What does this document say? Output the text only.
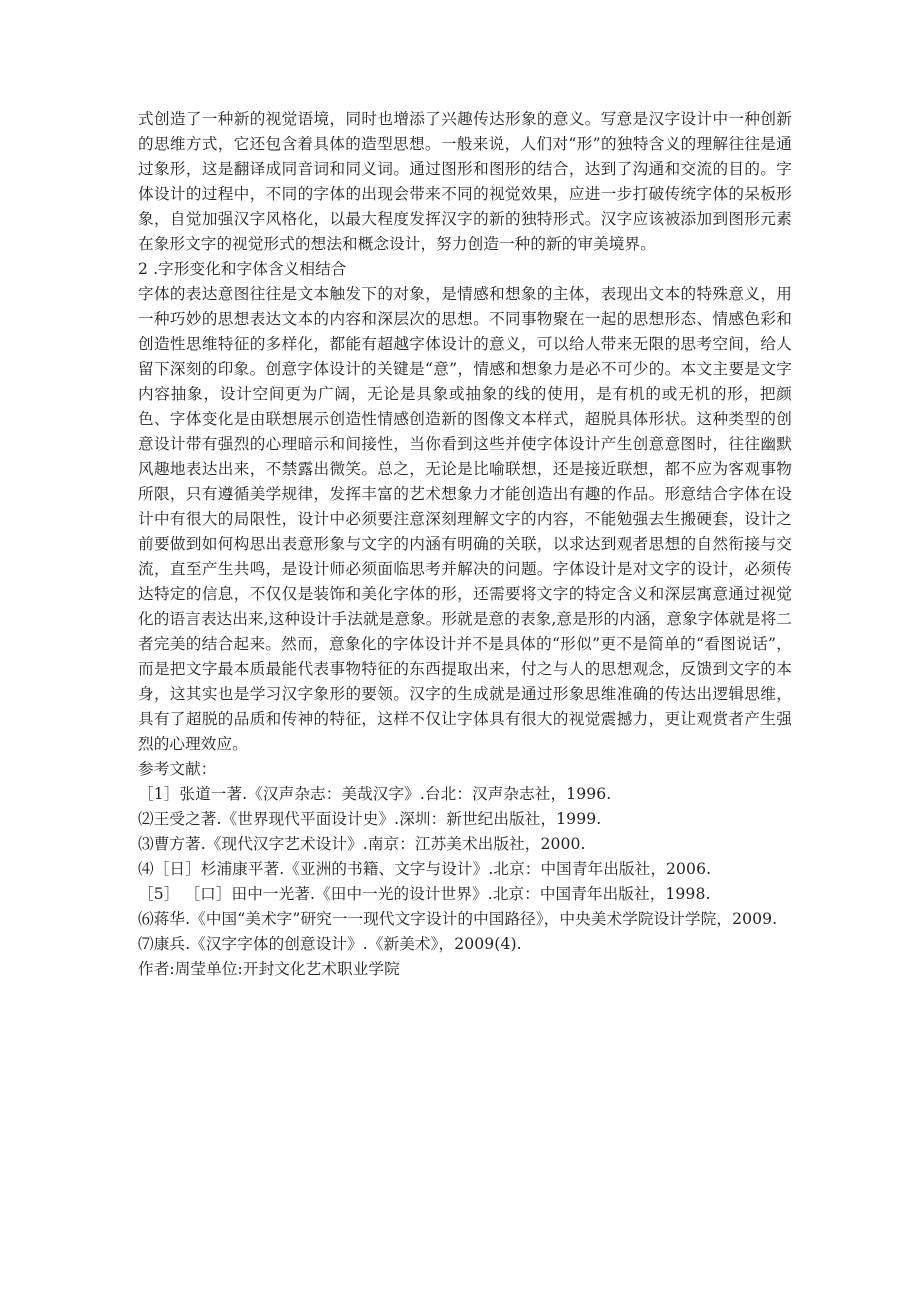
式创造了一种新的视觉语境，同时也增添了兴趣传达形象的意义。写意是汉字设计中一种创新的思维方式，它还包含着具体的造型思想。一般来说，人们对“形”的独特含义的理解往往是通过象形，这是翻译成同音词和同义词。通过图形和图形的结合，达到了沟通和交流的目的。字体设计的过程中，不同的字体的出现会带来不同的视觉效果，应进一步打破传统字体的呆板形象，自觉加强汉字风格化，以最大程度发挥汉字的新的独特形式。汉字应该被添加到图形元素在象形文字的视觉形式的想法和概念设计，努力创造一种的新的审美境界。

2 .字形变化和字体含义相结合

字体的表达意图往往是文本触发下的对象，是情感和想象的主体，表现出文本的特殊意义，用一种巧妙的思想表达文本的内容和深层次的思想。不同事物聚在一起的思想形态、情感色彩和创造性思维特征的多样化，都能有超越字体设计的意义，可以给人带来无限的思考空间，给人留下深刻的印象。创意字体设计的关键是“意”，情感和想象力是必不可少的。本文主要是文字内容抽象，设计空间更为广阔，无论是具象或抽象的线的使用，是有机的或无机的形，把颜色、字体变化是由联想展示创造性情感创造新的图像文本样式，超脱具体形状。这种类型的创意设计带有强烈的心理暗示和间接性，当你看到这些并使字体设计产生创意意图时，往往幽默风趣地表达出来，不禁露出微笑。总之，无论是比喻联想，还是接近联想，都不应为客观事物所限，只有遵循美学规律，发挥丰富的艺术想象力才能创造出有趣的作品。形意结合字体在设计中有很大的局限性，设计中必须要注意深刻理解文字的内容，不能勉强去生搬硬套，设计之前要做到如何构思出表意形象与文字的内涵有明确的关联，以求达到观者思想的自然衔接与交流，直至产生共鸣，是设计师必须面临思考并解决的问题。字体设计是对文字的设计，必须传达特定的信息，不仅仅是装饰和美化字体的形，还需要将文字的特定含义和深层寓意通过视觉化的语言表达出来,这种设计手法就是意象。形就是意的表象,意是形的内涵，意象字体就是将二者完美的结合起来。然而，意象化的字体设计并不是具体的“形似”更不是简单的“看图说话”，而是把文字最本质最能代表事物特征的东西提取出来，付之与人的思想观念，反馈到文字的本身，这其实也是学习汉字象形的要领。汉字的生成就是通过形象思维准确的传达出逻辑思维，具有了超脱的品质和传神的特征，这样不仅让字体具有很大的视觉震撼力，更让观赏者产生强烈的心理效应。

参考文献：

［1］张道一著.《汉声杂志：美哉汉字》.台北：汉声杂志社，1996.
⑵王受之著.《世界现代平面设计史》.深圳：新世纪出版社，1999.
⑶曹方著.《现代汉字艺术设计》.南京：江苏美术出版社，2000.
⑷［日］杉浦康平著.《亚洲的书籍、文字与设计》.北京：中国青年出版社，2006.
［5］ ［口］田中一光著.《田中一光的设计世界》.北京：中国青年出版社，1998.
⑹蒋华.《中国“美术字”研究一一现代文字设计的中国路径》，中央美术学院设计学院，2009.
⑺康兵.《汉字字体的创意设计》.《新美术》，2009(4).

作者:周莹单位:开封文化艺术职业学院
